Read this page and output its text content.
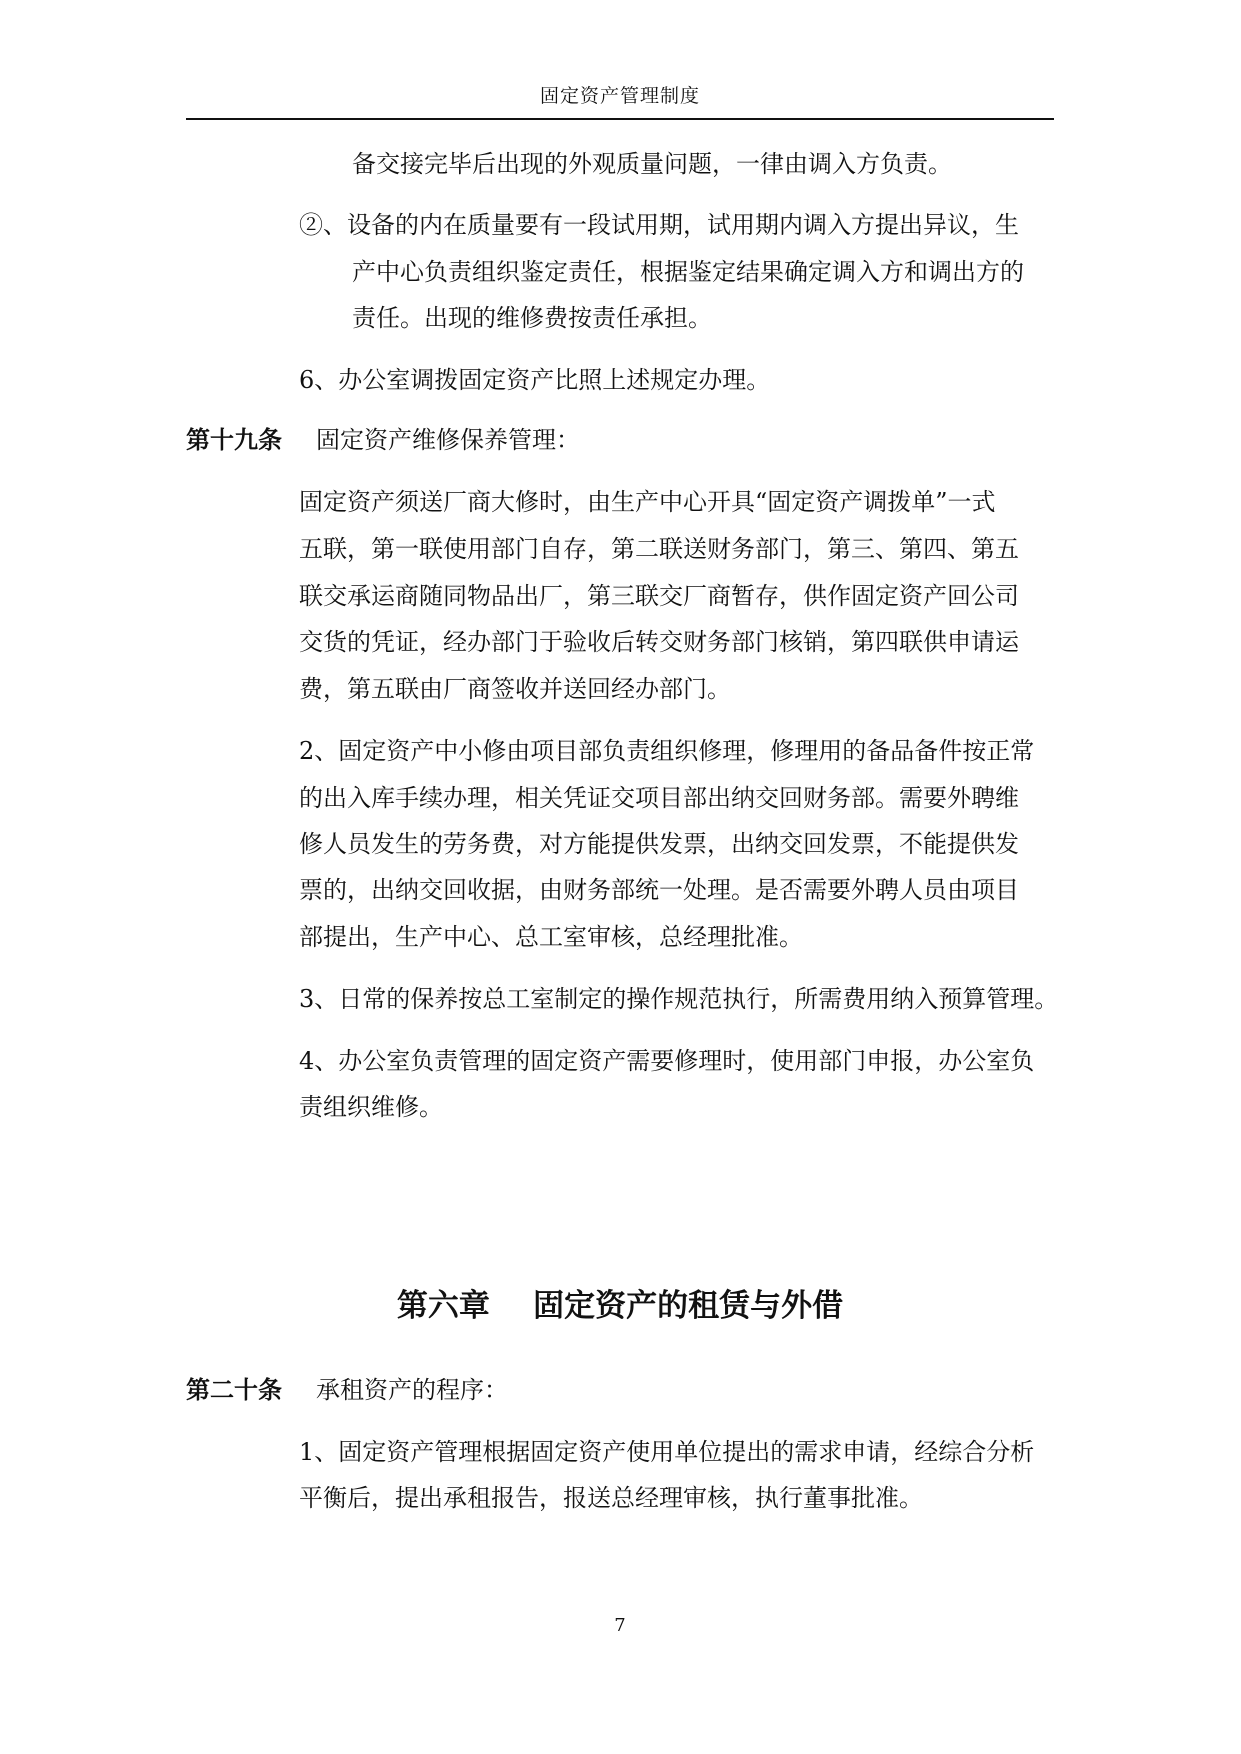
固定资产管理制度
备交接完毕后出现的外观质量问题，一律由调入方负责。
②、设备的内在质量要有一段试用期，试用期内调入方提出异议，生
产中心负责组织鉴定责任，根据鉴定结果确定调入方和调出方的
责任。出现的维修费按责任承担。
6、办公室调拨固定资产比照上述规定办理。
第十九条 固定资产维修保养管理：
固定资产须送厂商大修时，由生产中心开具“固定资产调拨单”一式
五联，第一联使用部门自存，第二联送财务部门，第三、第四、第五
联交承运商随同物品出厂，第三联交厂商暂存，供作固定资产回公司
交货的凭证，经办部门于验收后转交财务部门核销，第四联供申请运
费，第五联由厂商签收并送回经办部门。
2、固定资产中小修由项目部负责组织修理，修理用的备品备件按正常
的出入库手续办理，相关凭证交项目部出纳交回财务部。需要外聘维
修人员发生的劳务费，对方能提供发票，出纳交回发票，不能提供发
票的，出纳交回收据，由财务部统一处理。是否需要外聘人员由项目
部提出，生产中心、总工室审核，总经理批准。
3、日常的保养按总工室制定的操作规范执行，所需费用纳入预算管理。
4、办公室负责管理的固定资产需要修理时，使用部门申报，办公室负
责组织维修。
第六章    固定资产的租赁与外借
第二十条 承租资产的程序：
1、固定资产管理根据固定资产使用单位提出的需求申请，经综合分析
平衡后，提出承租报告，报送总经理审核，执行董事批准。
7
